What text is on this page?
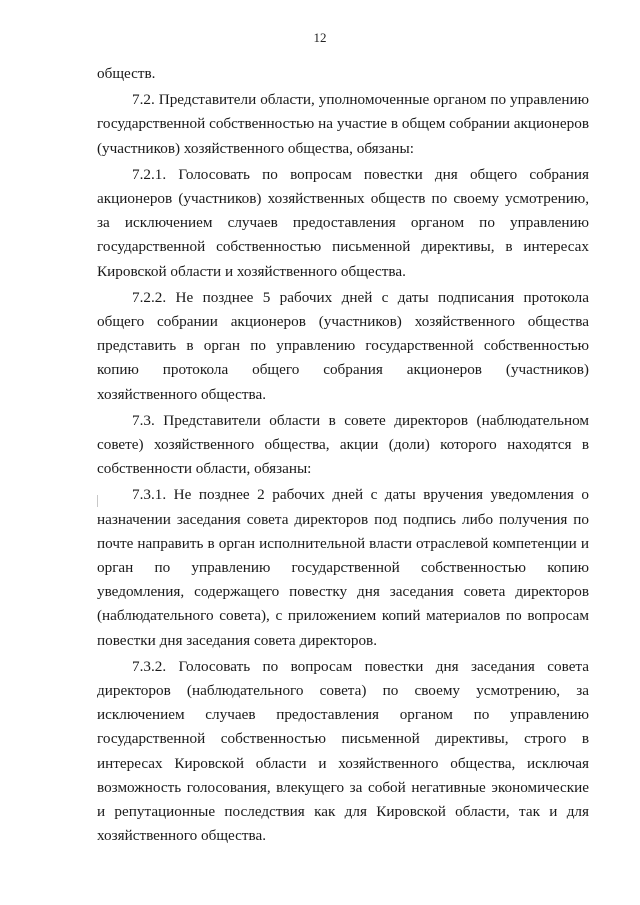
12

обществ.

7.2. Представители области, уполномоченные органом по управлению государственной собственностью на участие в общем собрании акционеров (участников) хозяйственного общества, обязаны:

7.2.1. Голосовать по вопросам повестки дня общего собрания акционеров (участников) хозяйственных обществ по своему усмотрению, за исключением случаев предоставления органом по управлению государственной собственностью письменной директивы, в интересах Кировской области и хозяйственного общества.

7.2.2. Не позднее 5 рабочих дней с даты подписания протокола общего собрании акционеров (участников) хозяйственного общества представить в орган по управлению государственной собственностью копию протокола общего собрания акционеров (участников) хозяйственного общества.

7.3. Представители области в совете директоров (наблюдательном совете) хозяйственного общества, акции (доли) которого находятся в собственности области, обязаны:

7.3.1. Не позднее 2 рабочих дней с даты вручения уведомления о назначении заседания совета директоров под подпись либо получения по почте направить в орган исполнительной власти отраслевой компетенции и орган по управлению государственной собственностью копию уведомления, содержащего повестку дня заседания совета директоров (наблюдательного совета), с приложением копий материалов по вопросам повестки дня заседания совета директоров.

7.3.2. Голосовать по вопросам повестки дня заседания совета директоров (наблюдательного совета) по своему усмотрению, за исключением случаев предоставления органом по управлению государственной собственностью письменной директивы, строго в интересах Кировской области и хозяйственного общества, исключая возможность голосования, влекущего за собой негативные экономические и репутационные последствия как для Кировской области, так и для хозяйственного общества.
